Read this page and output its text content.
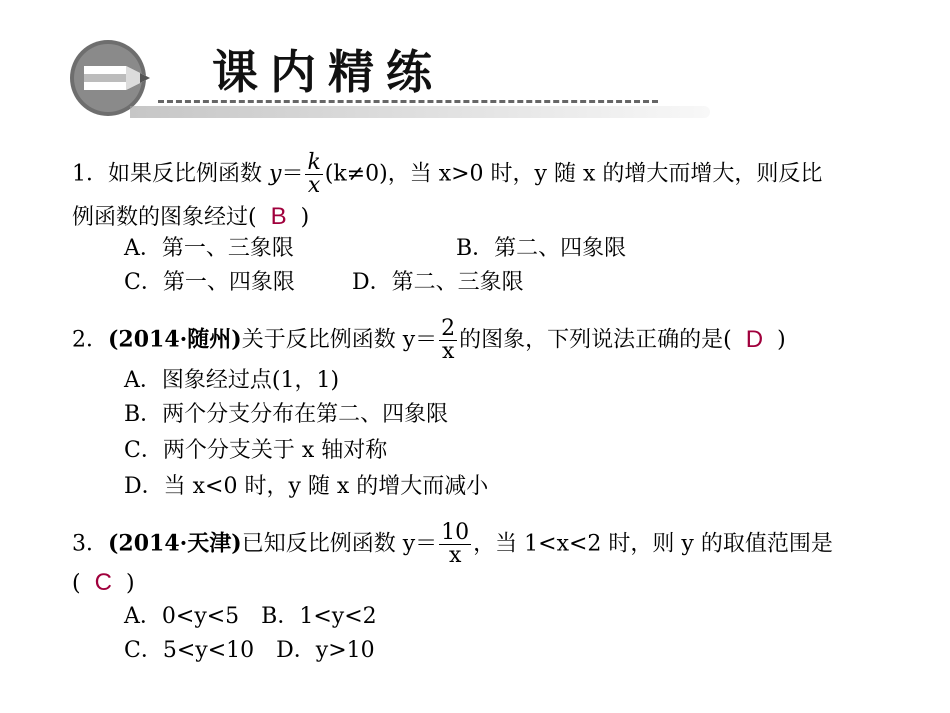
课内精练
1．如果反比例函数 $y= \frac{k}{x} (k\ne 0)$，当 x>0 时，y 随 x 的增大而增大，则反比
例函数的图象经过( B )
A．第一、三象限	B．第二、四象限
C．第一、四象限	D．第二、三象限
2．(2014·随州)关于反比例函数 $y= \frac{2}{x}$ 的图象，下列说法正确的是( D )
A．图象经过点(1，1)
B．两个分支分布在第二、四象限
C．两个分支关于 x 轴对称
D．当 x<0 时，y 随 x 的增大而减小
3．(2014·天津)已知反比例函数 $y= \frac{10}{x}$ ，当 1<x<2 时，则 y 的取值范围是
( C )
A．0<y<5　B．1<y<2
C．5<y<10　D．y>10
